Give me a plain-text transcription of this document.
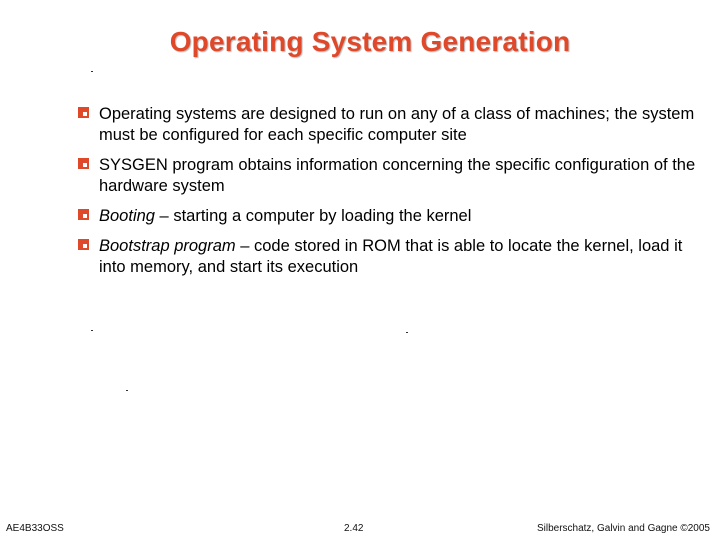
Operating System Generation
Operating systems are designed to run on any of a class of machines; the system must be configured for each specific computer site
SYSGEN program obtains information concerning the specific configuration of the hardware system
Booting – starting a computer by loading the kernel
Bootstrap program – code stored in ROM that is able to locate the kernel, load it into memory, and start its execution
AE4B33OSS	2.42	Silberschatz, Galvin and Gagne ©2005
